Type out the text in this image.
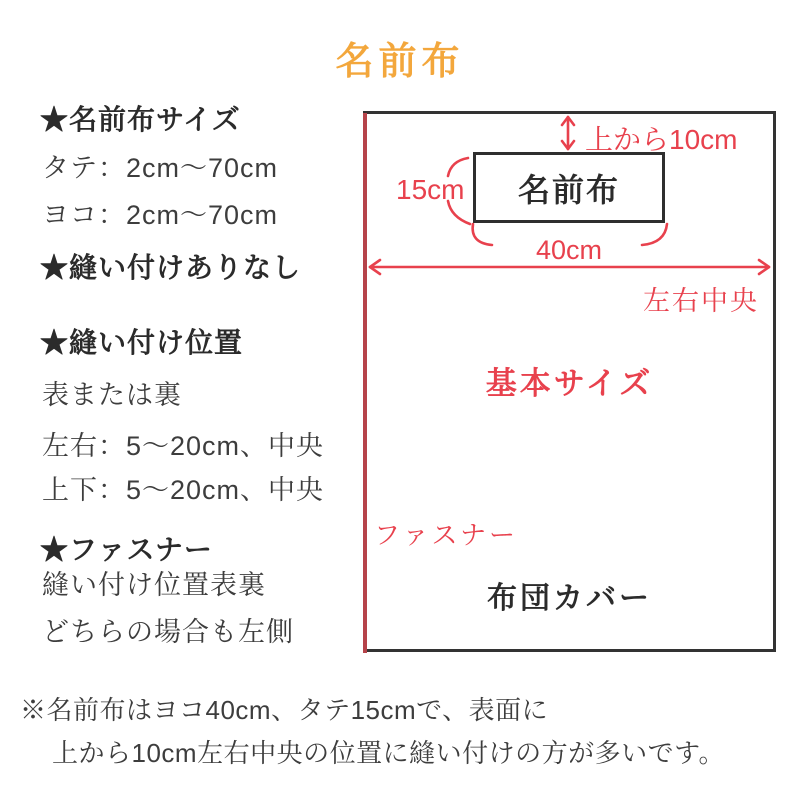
名前布
★名前布サイズ
タテ：2cm〜70cm
ヨコ：2cm〜70cm
★縫い付けありなし
★縫い付け位置
表または裏
左右：5〜20cm、中央
上下：5〜20cm、中央
★ファスナー
縫い付け位置表裏
どちらの場合も左側
名前布
上から10cm
15cm
40cm
左右中央
基本サイズ
ファスナー
布団カバー
※名前布はヨコ40cm、タテ15cmで、表面に
上から10cm左右中央の位置に縫い付けの方が多いです。
